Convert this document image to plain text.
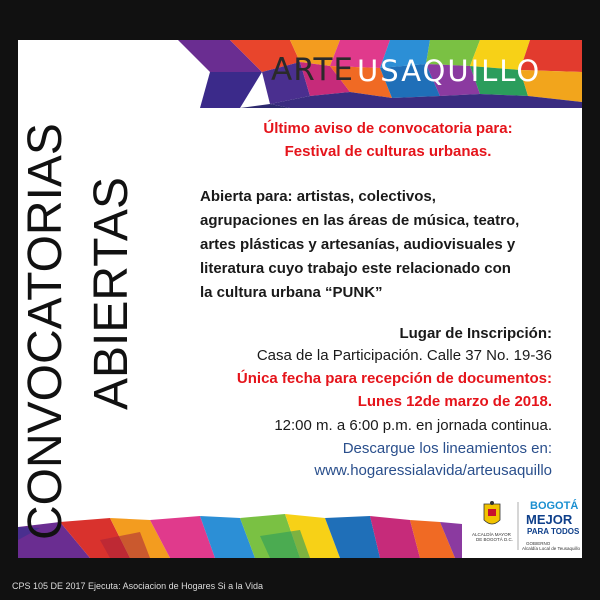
ARTE USAQUILLO
CONVOCATORIAS ABIERTAS
Último aviso de convocatoria para:
Festival de culturas urbanas.
Abierta para: artistas, colectivos,
agrupaciones en las áreas de música, teatro,
artes plásticas y artesanías, audiovisuales y
literatura cuyo trabajo este relacionado con
la cultura urbana “PUNK”
Lugar de Inscripción:
Casa de la Participación. Calle 37 No. 19-36
Única fecha para recepción de documentos:
Lunes 12de marzo de 2018.
12:00 m. a 6:00 p.m. en jornada continua.
Descargue los lineamientos en:
www.hogaressialavida/arteusaquillo
ALCALDÍA MAYOR
DE BOGOTÁ D.C.
BOGOTÁ
MEJOR
PARA TODOS
GOBIERNO
Alcaldía Local de Teusaquillo
CPS 105 DE 2017 Ejecuta: Asociacion de Hogares Si a la Vida
